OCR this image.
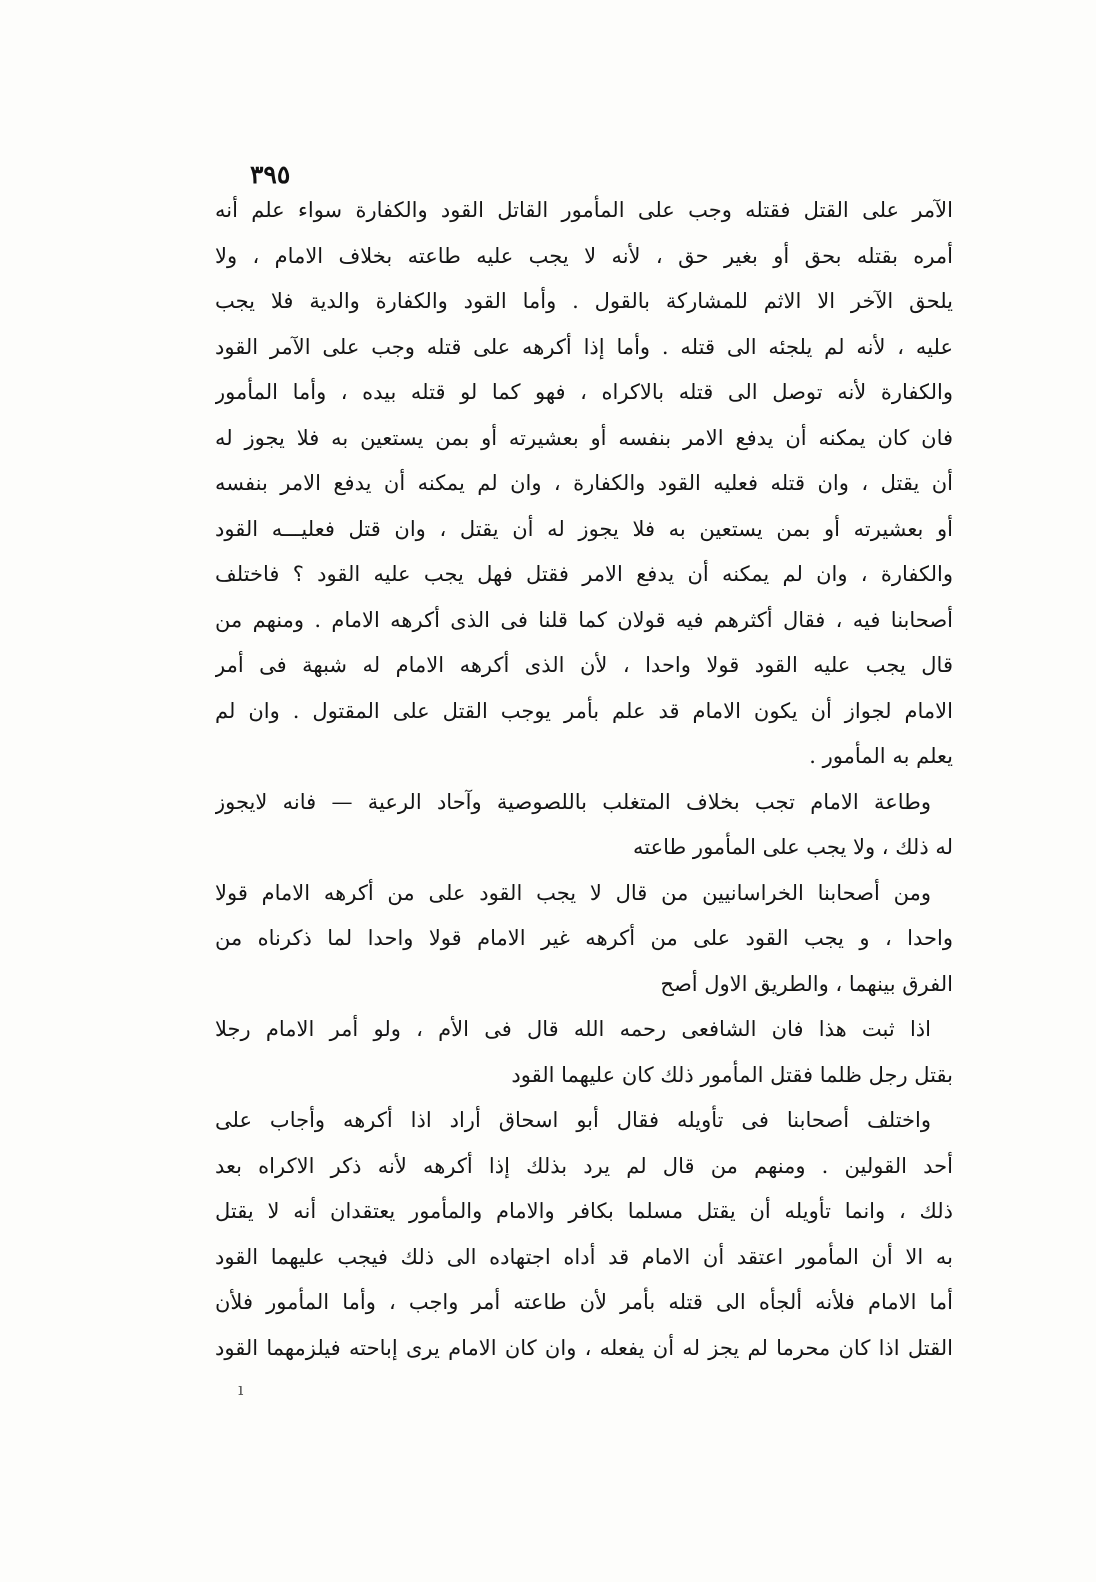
٣٩٥
الآمر على القتل فقتله وجب على المأمور القاتل القود والكفارة سواء علم أنه
أمره بقتله بحق أو بغير حق ، لأنه لا يجب عليه طاعته بخلاف الامام ، ولا
يلحق الآخر الا الاثم للمشاركة بالقول . وأما القود والكفارة والدية فلا يجب
عليه ، لأنه لم يلجئه الى قتله . وأما إذا أكرهه على قتله وجب على الآمر القود
والكفارة لأنه توصل الى قتله بالاكراه ، فهو كما لو قتله بيده ، وأما المأمور
فان كان يمكنه أن يدفع الامر بنفسه أو بعشيرته أو بمن يستعين به فلا يجوز له
أن يقتل ، وان قتله فعليه القود والكفارة ، وان لم يمكنه أن يدفع الامر بنفسه
أو بعشيرته أو بمن يستعين به فلا يجوز له أن يقتل ، وان قتل فعليـــه القود
والكفارة ، وان لم يمكنه أن يدفع الامر فقتل فهل يجب عليه القود ؟ فاختلف
أصحابنا فيه ، فقال أكثرهم فيه قولان كما قلنا فى الذى أكرهه الامام . ومنهم من
قال يجب عليه القود قولا واحدا ، لأن الذى أكرهه الامام له شبهة فى أمر
الامام لجواز أن يكون الامام قد علم بأمر يوجب القتل على المقتول . وان لم
يعلم به المأمور .
وطاعة الامام تجب بخلاف المتغلب باللصوصية وآحاد الرعية — فانه لايجوز
له ذلك ، ولا يجب على المأمور طاعته
ومن أصحابنا الخراسانيين من قال لا يجب القود على من أكرهه الامام قولا
واحدا ، و يجب القود على من أكرهه غير الامام قولا واحدا لما ذكرناه من
الفرق بينهما ، والطريق الاول أصح
اذا ثبت هذا فان الشافعى رحمه الله قال فى الأم ، ولو أمر الامام رجلا
بقتل رجل ظلما فقتل المأمور ذلك كان عليهما القود
واختلف أصحابنا فى تأويله فقال أبو اسحاق أراد اذا أكرهه وأجاب على
أحد القولين . ومنهم من قال لم يرد بذلك إذا أكرهه لأنه ذكر الاكراه بعد
ذلك ، وانما تأويله أن يقتل مسلما بكافر والامام والمأمور يعتقدان أنه لا يقتل
به الا أن المأمور اعتقد أن الامام قد أداه اجتهاده الى ذلك فيجب عليهما القود
أما الامام فلأنه ألجأه الى قتله بأمر لأن طاعته أمر واجب ، وأما المأمور فلأن
القتل اذا كان محرما لم يجز له أن يفعله ، وان كان الامام يرى إباحته فيلزمهما القود
ı
